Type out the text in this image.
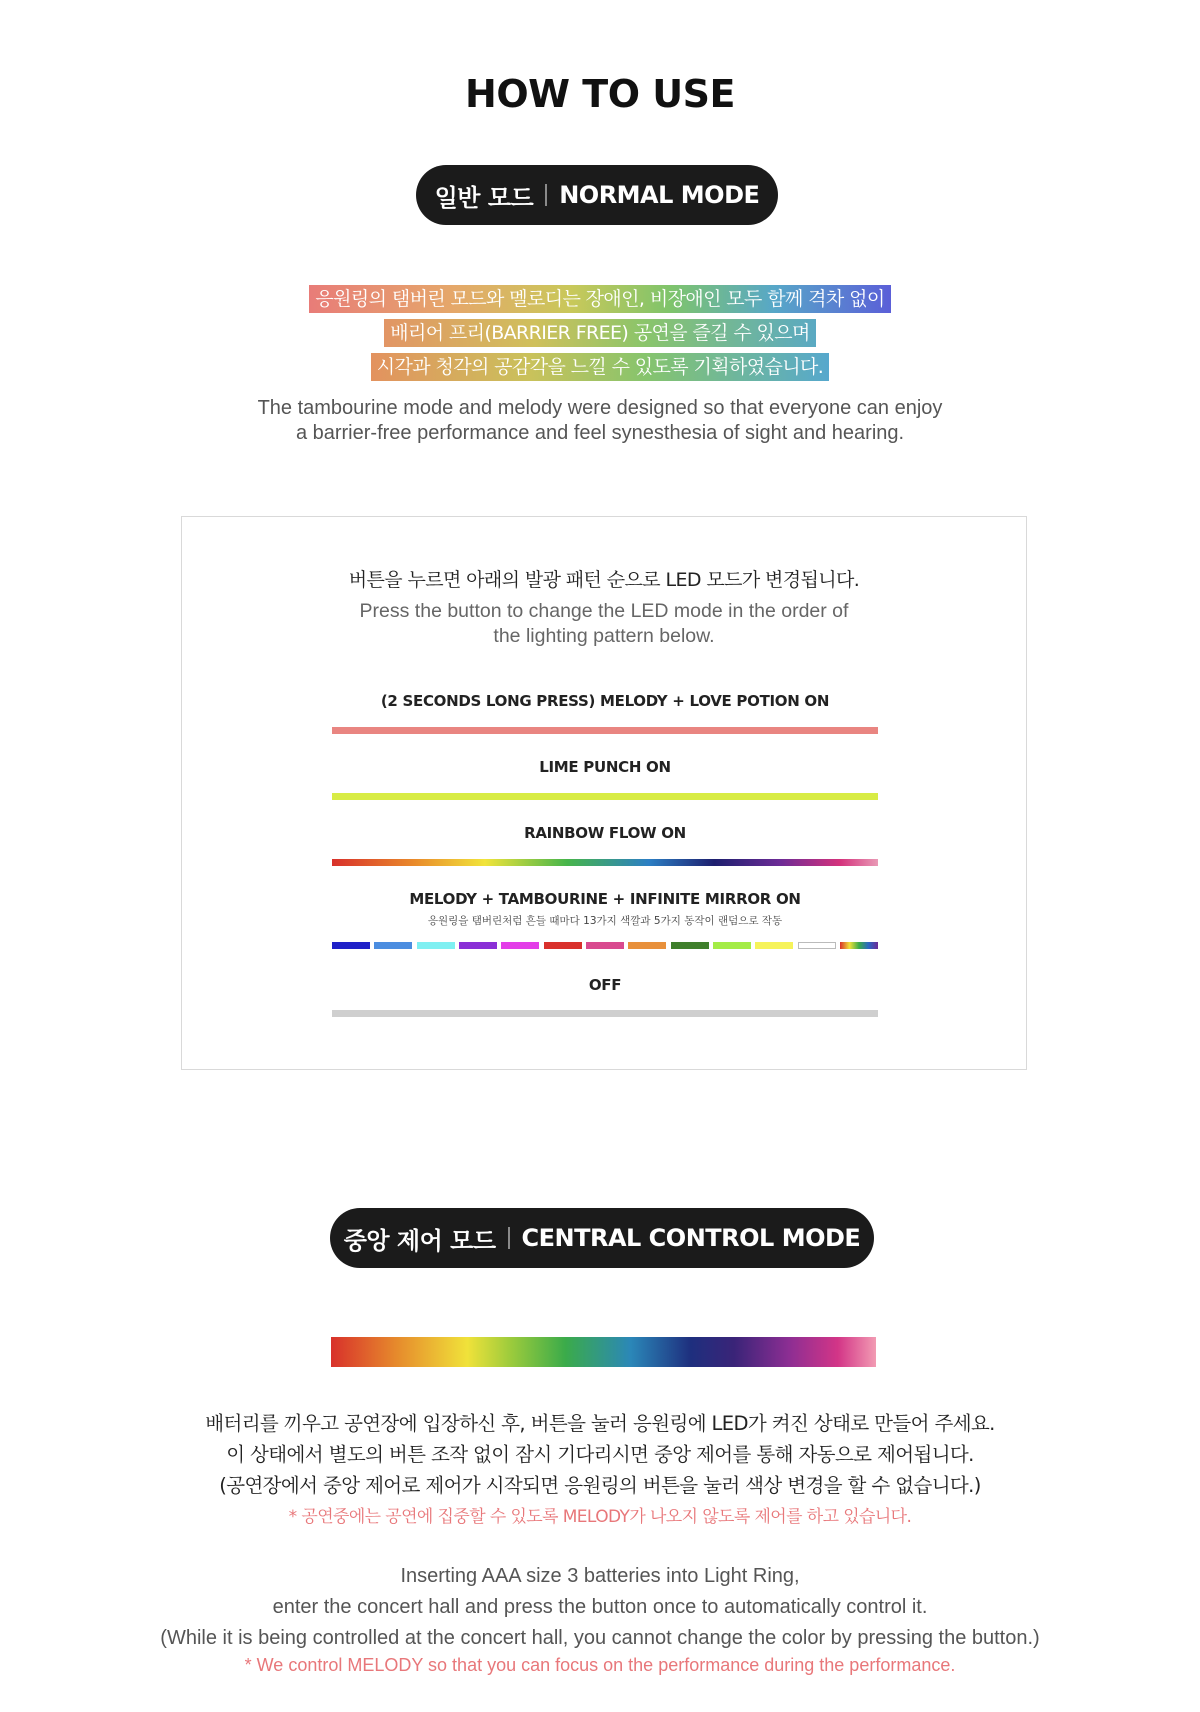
HOW TO USE
일반 모드 NORMAL MODE
응원링의 탬버린 모드와 멜로디는 장애인, 비장애인 모두 함께 격차 없이
배리어 프리(BARRIER FREE) 공연을 즐길 수 있으며
시각과 청각의 공감각을 느낄 수 있도록 기획하였습니다.
The tambourine mode and melody were designed so that everyone can enjoy
a barrier-free performance and feel synesthesia of sight and hearing.
버튼을 누르면 아래의 발광 패턴 순으로 LED 모드가 변경됩니다.
Press the button to change the LED mode in the order of
the lighting pattern below.
(2 SECONDS LONG PRESS) MELODY + LOVE POTION ON
LIME PUNCH ON
RAINBOW FLOW ON
MELODY + TAMBOURINE + INFINITE MIRROR ON
응원링을 탬버린처럼 흔들 때마다 13가지 색깔과 5가지 동작이 랜덤으로 작동
OFF
중앙 제어 모드 CENTRAL CONTROL MODE
배터리를 끼우고 공연장에 입장하신 후, 버튼을 눌러 응원링에 LED가 켜진 상태로 만들어 주세요.
이 상태에서 별도의 버튼 조작 없이 잠시 기다리시면 중앙 제어를 통해 자동으로 제어됩니다.
(공연장에서 중앙 제어로 제어가 시작되면 응원링의 버튼을 눌러 색상 변경을 할 수 없습니다.)
* 공연중에는 공연에 집중할 수 있도록 MELODY가 나오지 않도록 제어를 하고 있습니다.
Inserting AAA size 3 batteries into Light Ring,
enter the concert hall and press the button once to automatically control it.
(While it is being controlled at the concert hall, you cannot change the color by pressing the button.)
* We control MELODY so that you can focus on the performance during the performance.
